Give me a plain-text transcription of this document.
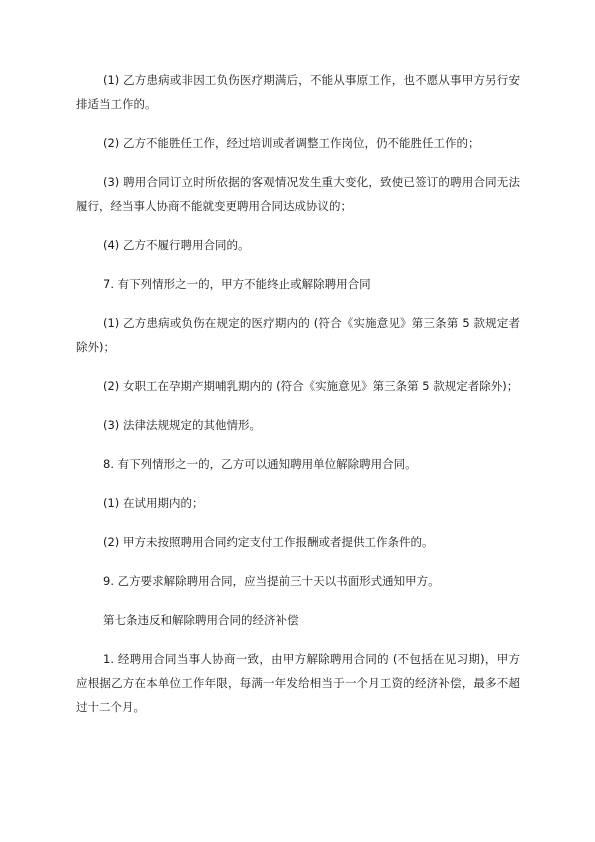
(1) 乙方患病或非因工负伤医疗期满后，不能从事原工作，也不愿从事甲方另行安排适当工作的。

(2) 乙方不能胜任工作，经过培训或者调整工作岗位，仍不能胜任工作的；

(3) 聘用合同订立时所依据的客观情况发生重大变化，致使已签订的聘用合同无法履行，经当事人协商不能就变更聘用合同达成协议的；

(4) 乙方不履行聘用合同的。

7. 有下列情形之一的，甲方不能终止或解除聘用合同

(1) 乙方患病或负伤在规定的医疗期内的 (符合《实施意见》第三条第 5 款规定者除外)；

(2) 女职工在孕期产期哺乳期内的 (符合《实施意见》第三条第 5 款规定者除外)；

(3) 法律法规规定的其他情形。

8. 有下列情形之一的，乙方可以通知聘用单位解除聘用合同。

(1) 在试用期内的；

(2) 甲方未按照聘用合同约定支付工作报酬或者提供工作条件的。

9. 乙方要求解除聘用合同，应当提前三十天以书面形式通知甲方。

第七条违反和解除聘用合同的经济补偿

1. 经聘用合同当事人协商一致，由甲方解除聘用合同的 (不包括在见习期)，甲方应根据乙方在本单位工作年限，每满一年发给相当于一个月工资的经济补偿，最多不超过十二个月。
